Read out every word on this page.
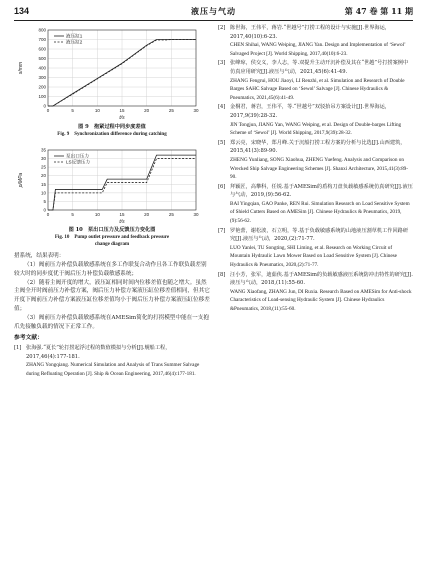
134	液压与气动	第 47 卷 第 11 期
0	5	10	15	20	25	30
0
100
200
300
400
500
600
700
800
t/s
s/mm
液压缸1
液压缸2
图 9　抱紧过程中同步度差值
Fig. 9　Synchronization difference during catching
0	5	10	15	20	25	30
0
5
10
15
20
25
30
35
t/s
p/MPa
泵出口压力
LS反馈压力
图 10　泵出口压力及反馈压力变化图
Fig. 10　Pump outlet pressure and feedback pressure
change diagram

措系统，结果表明：

（1）阀前压力补偿负载敏感系统在多工作联复合动作且各工作联负载差别较大时的同步度优于阀后压力补偿负载敏感系统；

（2）随着主阀开度的增大，液压缸相同时间内位移差值也随之增大。虽然主阀全开时阀前压力补偿方案，阀后压力补偿方案液压缸位移差值相同，但其它开度下阀前压力补偿方案液压缸位移差值均小于阀后压力补偿方案液压缸位移差值；

（3）阀前压力补偿负载敏感系统在AMESim简化的打拐模型中能在一支抱爪先接触负载的情况下正常工作。

参考文献：
[1] 张海强.“夏长”轮打捞起浮过程的数值模拟与分析[J].舰船工程，2017,46(4):177-181.
ZHANG Yongqiang. Numerical Simulation and Analysis of Trans Summer Salvage during Refloating Operation [J]. Ship & Ocean Engineering, 2017,46(4):177-181.
[2] 陈世海，王伟平，蒋岩.“世越号”打捞工程的设计与实施[J].世界海运，2017,40(10):6-23.
CHEN Shihai, WANG Weiping, JIANG Yan. Design and Implementation of ‘Sewol’ Salvaged Project [J]. World Shipping, 2017,40(10):6-23.
[3] 张峰琼，侯交义，李人志，等.双提升主动开沉补偿及其在“世越”号打捞案例中仿真应用研究[J].液压与气动，2021,45(6):41-49.
ZHANG Fengrui, HOU Jiaoyi, LI Renzhi, et al. Simulation and Research of Double Barges SAHC Salvage Based on ‘Sewol’ Salvage [J]. Chinese Hydraulics & Pneumatics, 2021,45(6):41-49.
[4] 金桐君，蒋岩，王伟平，等.“世越号”双驳抬吊方案设计[J].世界海运，2017,9(39):28-32.
JIN Tongjun, JIANG Yan, WANG Weiping, et al. Design of Double-barges Lifting Scheme of ‘Sewol’ [J]. World Shipping, 2017,9(39):28-32.
[5] 郑云亮，宋晓华，郑月峰.关于沉船打捞工程方案的分析与比选[J].山西建筑，2015,41(3):89-90.
ZHENG Yunliang, SONG Xiaohua, ZHENG Yuefeng. Analysis and Comparison on Wrecked Ship Salvage Engineering Schemes [J]. Shanxi Architecture, 2015,41(3):89-90.
[6] 拜颖匠，高攀科，任锐.基于AMESim的盾构刀盘负载敏感系统仿真研究[J].液压与气动，2019,(9):56-62.
BAI Yingqian, GAO Panke, REN Rui. Simulation Research on Load Sensitive System of Shield Cutters Based on AMESim [J]. Chinese Hydraulics & Pneumatics, 2019,(9):56-62.
[7] 罗艳蕾，谢松波，石立明，等.基于负载敏感系统的山地液压割草机工作回路研究[J].液压与气动，2020,(2):71-77.
LUO Yanlei, TU Songting, SHI Liming, et al. Research on Working Circuit of Mountain Hydraulic Lawn Mower Based on Load Sensitive System [J]. Chinese Hydraulics & Pneumatics, 2020,(2):71-77.
[8] 汪小芳，张军，迪茹侠.基于AMESim的负载敏感液压系统防冲击特性的研究[J].液压与气动，2018,(11):55-60.
WANG Xiaofang, ZHANG Jun, DI Ruxia. Research Based on AMESim for Anti-shock Characteristics of Load-sensing Hydraulic System [J]. Chinese Hydraulics &Pneumatics, 2018,(11):55-60.
